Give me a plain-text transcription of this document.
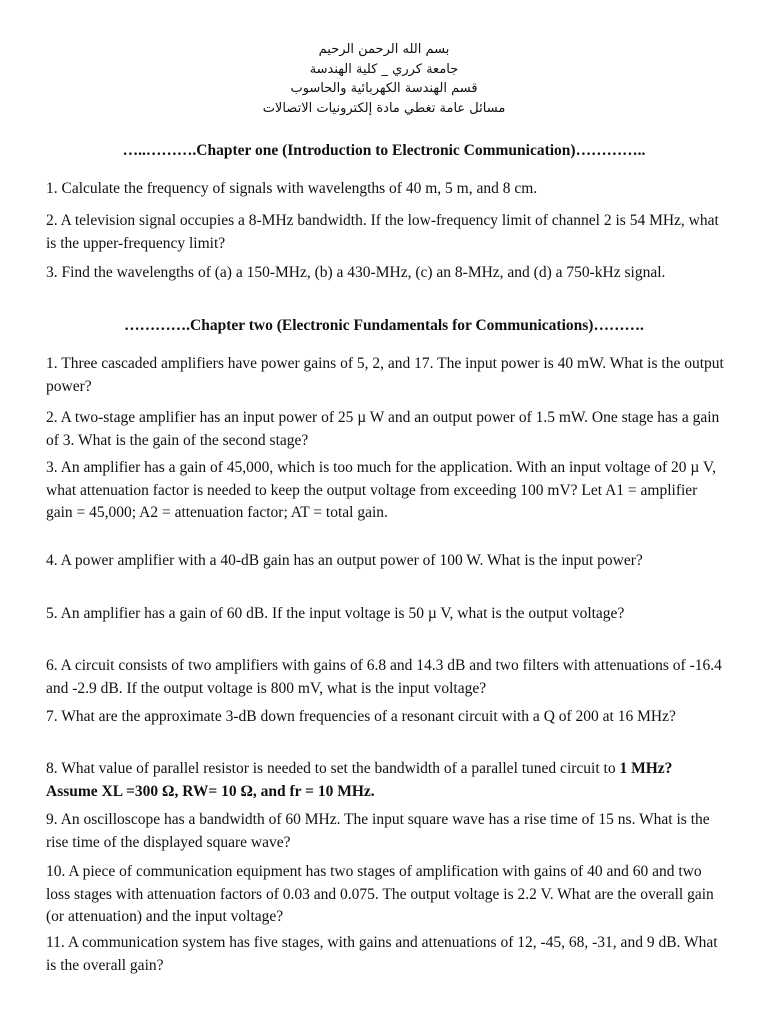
بسم الله الرحمن الرحيم
جامعة كرري _ كلية الهندسة
قسم الهندسة الكهربائية والحاسوب
مسائل عامة تغطي مادة إلكترونيات الاتصالات
…..……….Chapter one (Introduction to Electronic Communication)…………..
1. Calculate the frequency of signals with wavelengths of 40 m, 5 m, and 8 cm.
2. A television signal occupies a 8-MHz bandwidth. If the low-frequency limit of channel 2 is 54 MHz, what is the upper-frequency limit?
3. Find the wavelengths of (a) a 150-MHz, (b) a 430-MHz, (c) an 8-MHz, and (d) a 750-kHz signal.
………….Chapter two (Electronic Fundamentals for Communications)……….
1. Three cascaded amplifiers have power gains of 5, 2, and 17. The input power is 40 mW. What is the output power?
2. A two-stage amplifier has an input power of 25 µ W and an output power of 1.5 mW. One stage has a gain of 3. What is the gain of the second stage?
3. An amplifier has a gain of 45,000, which is too much for the application. With an input voltage of 20 µ V, what attenuation factor is needed to keep the output voltage from exceeding 100 mV? Let A1 = amplifier gain = 45,000; A2 = attenuation factor; AT = total gain.
4. A power amplifier with a 40-dB gain has an output power of 100 W. What is the input power?
5. An amplifier has a gain of 60 dB. If the input voltage is 50 µ V, what is the output voltage?
6. A circuit consists of two amplifiers with gains of 6.8 and 14.3 dB and two filters with attenuations of -16.4 and -2.9 dB. If the output voltage is 800 mV, what is the input voltage?
7. What are the approximate 3-dB down frequencies of a resonant circuit with a Q of 200 at 16 MHz?
8. What value of parallel resistor is needed to set the bandwidth of a parallel tuned circuit to 1 MHz? Assume XL =300 Ω, RW= 10 Ω, and fr = 10 MHz.
9. An oscilloscope has a bandwidth of 60 MHz. The input square wave has a rise time of 15 ns. What is the rise time of the displayed square wave?
10. A piece of communication equipment has two stages of amplification with gains of 40 and 60 and two loss stages with attenuation factors of 0.03 and 0.075. The output voltage is 2.2 V. What are the overall gain (or attenuation) and the input voltage?
11. A communication system has five stages, with gains and attenuations of 12, -45, 68, -31, and 9 dB. What is the overall gain?
